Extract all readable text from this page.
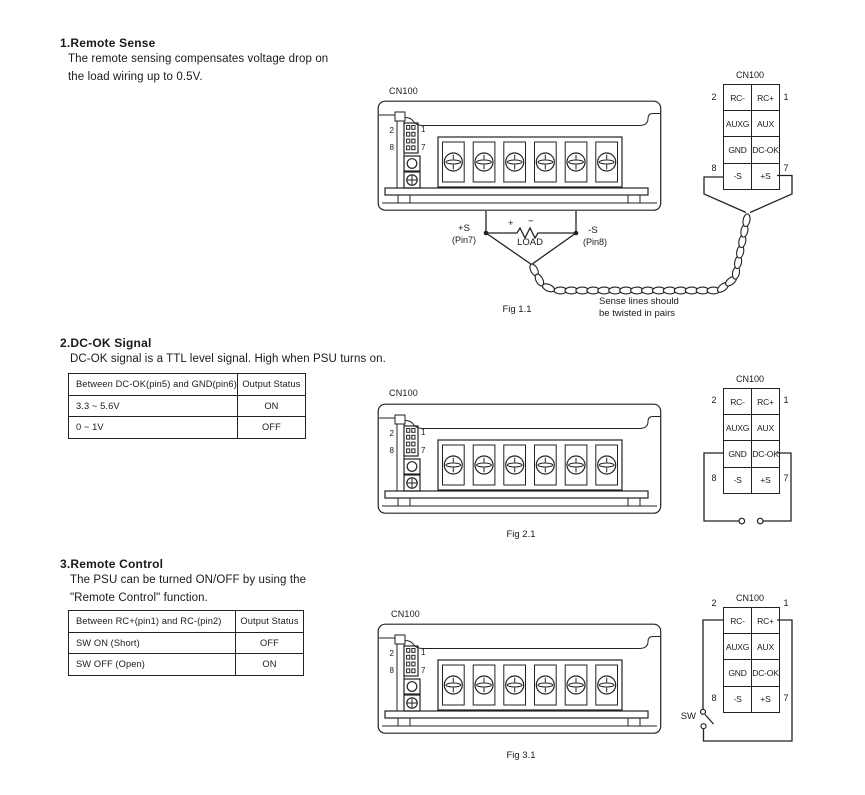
1.Remote Sense
The remote sensing compensates voltage drop on
the load wiring up to 0.5V.
2.DC-OK Signal
DC-OK signal is a TTL level signal. High when PSU turns on.
Between DC-OK(pin5) and GND(pin6)	Output Status
3.3 ~ 5.6V	ON
0 ~ 1V	OFF
3.Remote Control
The PSU can be turned ON/OFF by using the
"Remote Control" function.
Between RC+(pin1) and RC-(pin2)	Output Status
SW ON (Short)	OFF
SW OFF (Open)	ON
CN100
2	1
8	7
CN100
2	1
8	7
CN100
2	1
8	7
CN100
RC-	RC+
AUXG	AUX
GND	DC-OK
-S	+S
2	1
8	7
CN100
RC-	RC+
AUXG	AUX
GND	DC-OK
-S	+S
2	1
8	7
CN100
RC-	RC+
AUXG	AUX
GND	DC-OK
-S	+S
2	1
8	7
+S
(Pin7)
-S
(Pin8)
+ −
LOAD
Sense lines should
be twisted in pairs
Fig 1.1
Fig 2.1
Fig 3.1
SW
